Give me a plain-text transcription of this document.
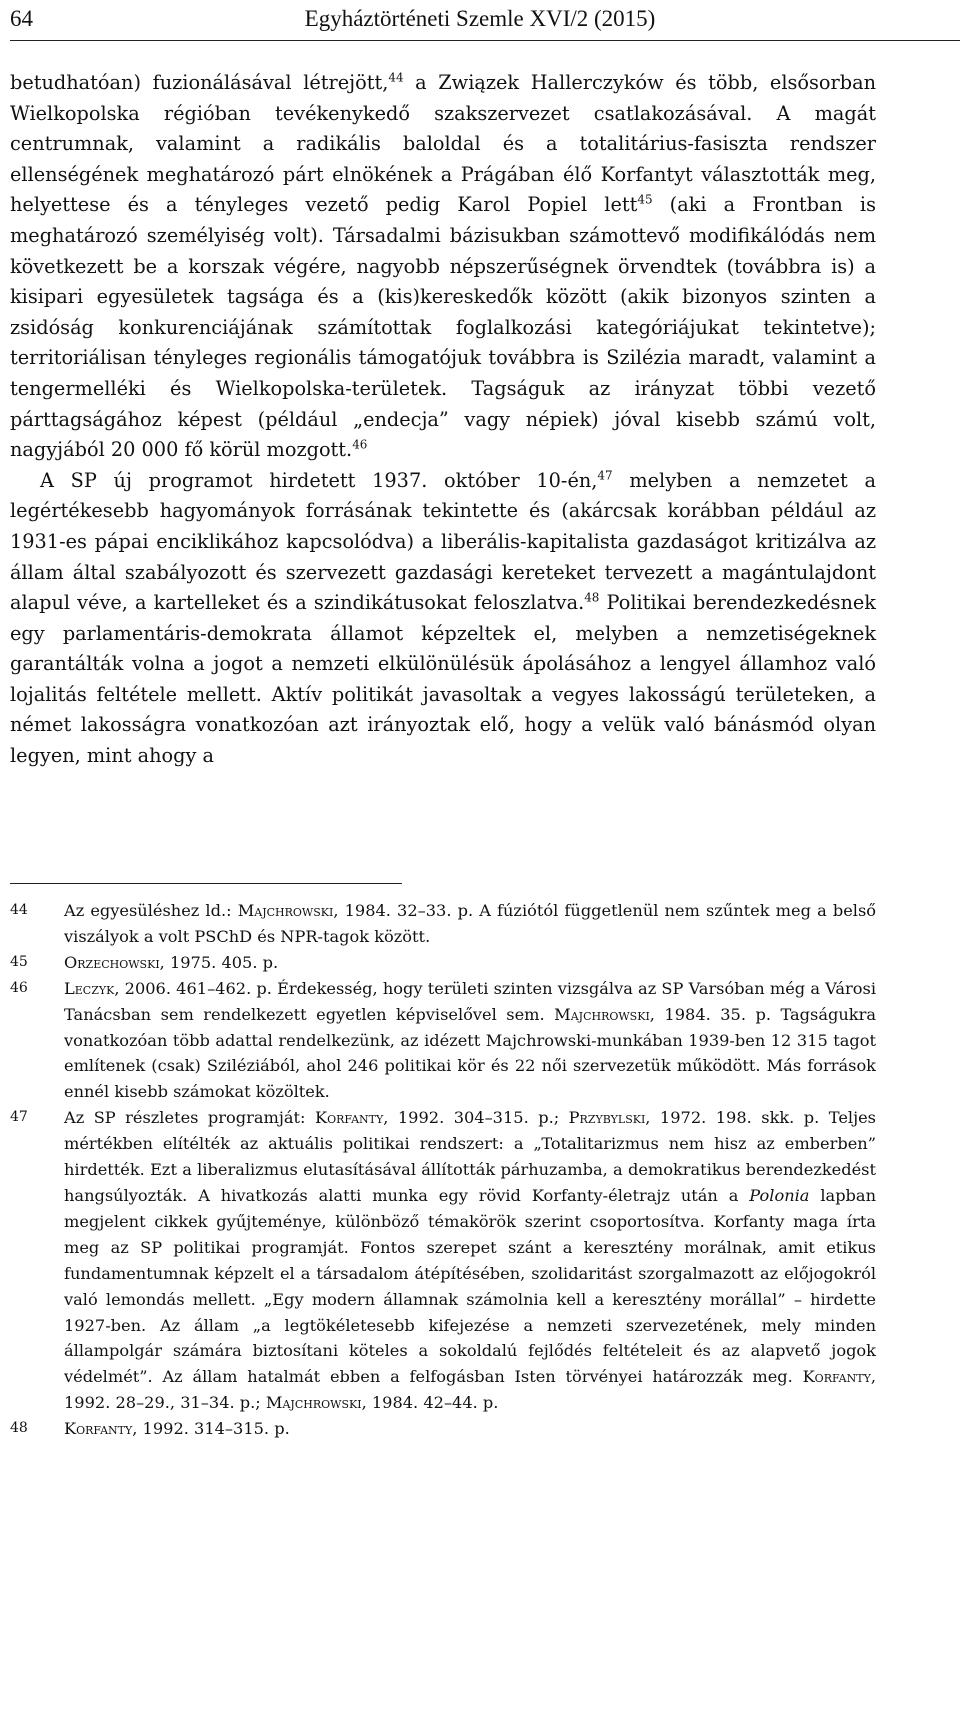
64	Egyháztörténeti Szemle XVI/2 (2015)

betudhatóan) fuzionálásával létrejött,$^{44}$ a Związek Hallerczyków és több, elsősorban Wielkopolska régióban tevékenykedő szakszervezet csatlakozásával. A magát centrumnak, valamint a radikális baloldal és a totalitárius-fasiszta rendszer ellenségének meghatározó párt elnökének a Prágában élő Korfantyt választották meg, helyettese és a tényleges vezető pedig Karol Popiel lett$^{45}$ (aki a Frontban is meghatározó személyiség volt). Társadalmi bázisukban számottevő modifikálódás nem következett be a korszak végére, nagyobb népszerűségnek örvendtek (továbbra is) a kisipari egyesületek tagsága és a (kis)kereskedők között (akik bizonyos szinten a zsidóság konkurenciájának számítottak foglalkozási kategóriájukat tekintetve); territoriálisan tényleges regionális támogatójuk továbbra is Szilézia maradt, valamint a tengermelléki és Wielkopolska-területek. Tagságuk az irányzat többi vezető párttagságához képest (például „endecja” vagy népiek) jóval kisebb számú volt, nagyjából 20 000 fő körül mozgott.$^{46}$

A SP új programot hirdetett 1937. október 10-én,$^{47}$ melyben a nemzetet a legértékesebb hagyományok forrásának tekintette és (akárcsak korábban például az 1931-es pápai enciklikához kapcsolódva) a liberális-kapitalista gazdaságot kritizálva az állam által szabályozott és szervezett gazdasági kereteket tervezett a magántulajdont alapul véve, a kartelleket és a szindikátusokat feloszlatva.$^{48}$ Politikai berendezkedésnek egy parlamentáris-demokrata államot képzeltek el, melyben a nemzetiségeknek garantálták volna a jogot a nemzeti elkülönülésük ápolásához a lengyel államhoz való lojalitás feltétele mellett. Aktív politikát javasoltak a vegyes lakosságú területeken, a német lakosságra vonatkozóan azt irányoztak elő, hogy a velük való bánásmód olyan legyen, mint ahogy a

44 Az egyesüléshez ld.: Majchrowski, 1984. 32–33. p. A fúziótól függetlenül nem szűntek meg a belső viszályok a volt PSChD és NPR-tagok között.

45 Orzechowski, 1975. 405. p.

46 Leczyk, 2006. 461–462. p. Érdekesség, hogy területi szinten vizsgálva az SP Varsóban még a Városi Tanácsban sem rendelkezett egyetlen képviselővel sem. Majchrowski, 1984. 35. p. Tagságukra vonatkozóan több adattal rendelkezünk, az idézett Majchrowski-munkában 1939-ben 12 315 tagot említenek (csak) Sziléziából, ahol 246 politikai kör és 22 női szervezetük működött. Más források ennél kisebb számokat közöltek.

47 Az SP részletes programját: Korfanty, 1992. 304–315. p.; Przybylski, 1972. 198. skk. p. Teljes mértékben elítélték az aktuális politikai rendszert: a „Totalitarizmus nem hisz az emberben” hirdették. Ezt a liberalizmus elutasításával állították párhuzamba, a demokratikus berendezkedést hangsúlyozták. A hivatkozás alatti munka egy rövid Korfanty-életrajz után a Polonia lapban megjelent cikkek gyűjteménye, különböző témakörök szerint csoportosítva. Korfanty maga írta meg az SP politikai programját. Fontos szerepet szánt a keresztény morálnak, amit etikus fundamentumnak képzelt el a társadalom átépítésében, szolidaritást szorgalmazott az előjogokról való lemondás mellett. „Egy modern államnak számolnia kell a keresztény morállal” – hirdette 1927-ben. Az állam „a legtökéletesebb kifejezése a nemzeti szervezetének, mely minden állampolgár számára biztosítani köteles a sokoldalú fejlődés feltételeit és az alapvető jogok védelmét”. Az állam hatalmát ebben a felfogásban Isten törvényei határozzák meg. Korfanty, 1992. 28–29., 31–34. p.; Majchrowski, 1984. 42–44. p.

48 Korfanty, 1992. 314–315. p.
